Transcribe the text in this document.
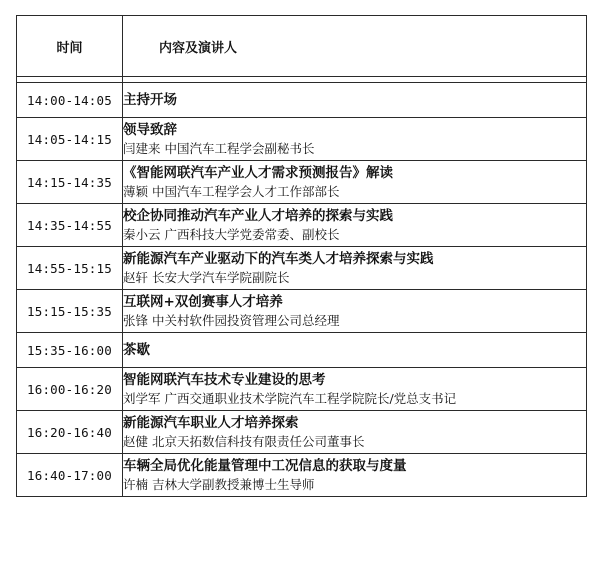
时间	内容及演讲人

14:00-14:05	主持开场

14:05-14:15	领导致辞
闫建来 中国汽车工程学会副秘书长

14:15-14:35	《智能网联汽车产业人才需求预测报告》解读
薄颖 中国汽车工程学会人才工作部部长

14:35-14:55	校企协同推动汽车产业人才培养的探索与实践
秦小云 广西科技大学党委常委、副校长

14:55-15:15	新能源汽车产业驱动下的汽车类人才培养探索与实践
赵轩 长安大学汽车学院副院长

15:15-15:35	互联网+双创赛事人才培养
张锋 中关村软件园投资管理公司总经理

15:35-16:00	茶歇

16:00-16:20	智能网联汽车技术专业建设的思考
刘学军 广西交通职业技术学院汽车工程学院院长/党总支书记

16:20-16:40	新能源汽车职业人才培养探索
赵健 北京天拓数信科技有限责任公司董事长

16:40-17:00	车辆全局优化能量管理中工况信息的获取与度量
许楠 吉林大学副教授兼博士生导师
